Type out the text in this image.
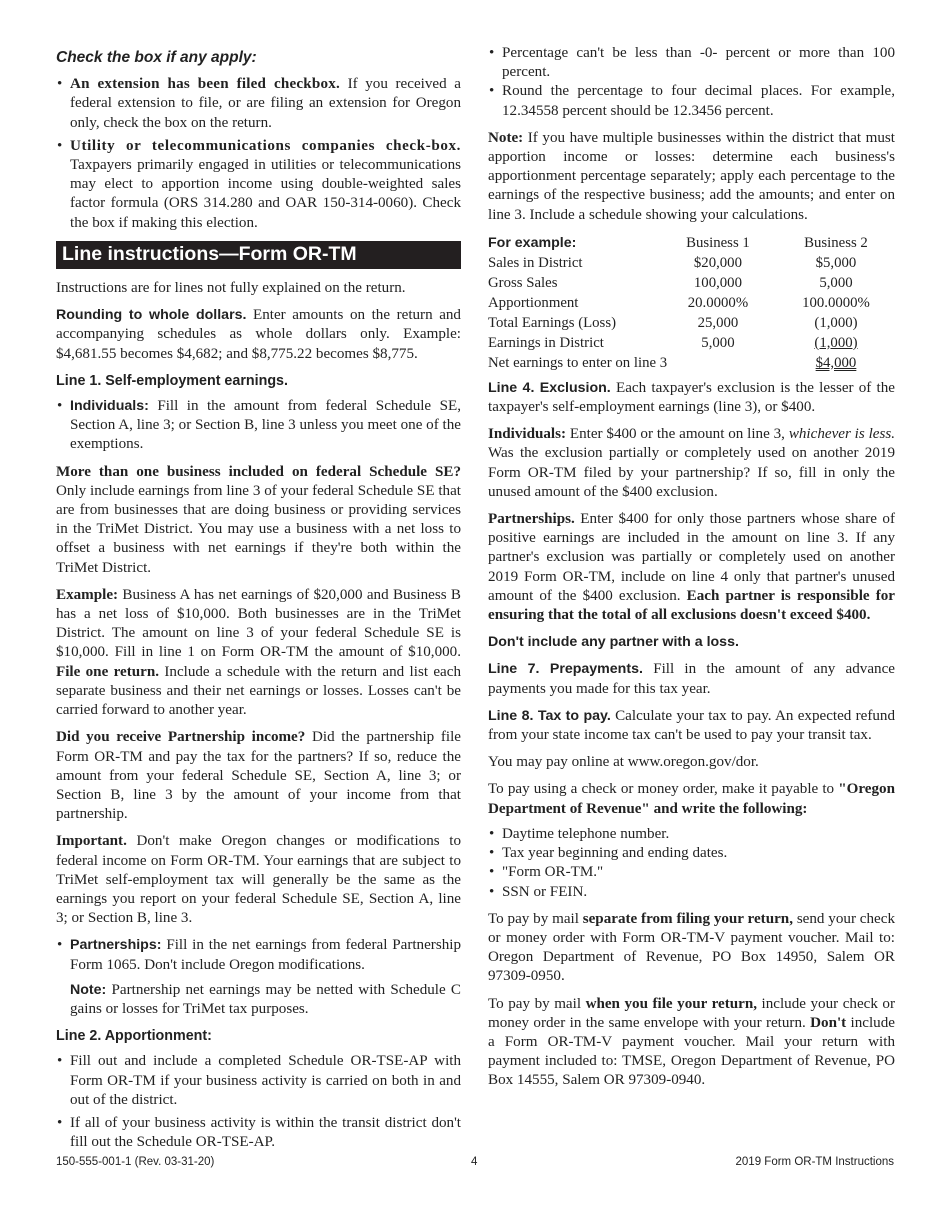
Check the box if any apply:
• An extension has been filed checkbox. If you received a federal extension to file, or are filing an extension for Oregon only, check the box on the return.
• Utility or telecommunications companies check-box. Taxpayers primarily engaged in utilities or telecommunications may elect to apportion income using double-weighted sales factor formula (ORS 314.280 and OAR 150-314-0060). Check the box if making this election.
Line instructions—Form OR-TM

Instructions are for lines not fully explained on the return.

Rounding to whole dollars. Enter amounts on the return and accompanying schedules as whole dollars only. Example: $4,681.55 becomes $4,682; and $8,775.22 becomes $8,775.

Line 1. Self-employment earnings.
• Individuals: Fill in the amount from federal Schedule SE, Section A, line 3; or Section B, line 3 unless you meet one of the exemptions.

More than one business included on federal Schedule SE? Only include earnings from line 3 of your federal Schedule SE that are from businesses that are doing business or providing services in the TriMet District. You may use a business with a net loss to offset a business with net earnings if they're both within the TriMet District.

Example: Business A has net earnings of $20,000 and Business B has a net loss of $10,000. Both businesses are in the TriMet District. The amount on line 3 of your federal Schedule SE is $10,000. Fill in line 1 on Form OR-TM the amount of $10,000. File one return. Include a schedule with the return and list each separate business and their net earnings or losses. Losses can't be carried forward to another year.

Did you receive Partnership income? Did the partnership file Form OR-TM and pay the tax for the partners? If so, reduce the amount from your federal Schedule SE, Section A, line 3; or Section B, line 3 by the amount of your income from that partnership.

Important. Don't make Oregon changes or modifications to federal income on Form OR-TM. Your earnings that are subject to TriMet self-employment tax will generally be the same as the earnings you report on your federal Schedule SE, Section A, line 3; or Section B, line 3.

• Partnerships: Fill in the net earnings from federal Partnership Form 1065. Don't include Oregon modifications.

Note: Partnership net earnings may be netted with Schedule C gains or losses for TriMet tax purposes.

Line 2. Apportionment:
• Fill out and include a completed Schedule OR-TSE-AP with Form OR-TM if your business activity is carried on both in and out of the district.
• If all of your business activity is within the transit district don't fill out the Schedule OR-TSE-AP.
• Percentage can't be less than -0- percent or more than 100 percent.
• Round the percentage to four decimal places. For example, 12.34558 percent should be 12.3456 percent.

Note: If you have multiple businesses within the district that must apportion income or losses: determine each business's apportionment percentage separately; apply each percentage to the earnings of the respective business; add the amounts; and enter on line 3. Include a schedule showing your calculations.

For example:	Business 1	Business 2
Sales in District	$20,000	$5,000
Gross Sales	100,000	5,000
Apportionment	20.0000%	100.0000%
Total Earnings (Loss)	25,000	(1,000)
Earnings in District	5,000	(1,000)
Net earnings to enter on line 3		$4,000

Line 4. Exclusion. Each taxpayer's exclusion is the lesser of the taxpayer's self-employment earnings (line 3), or $400.

Individuals: Enter $400 or the amount on line 3, whichever is less. Was the exclusion partially or completely used on another 2019 Form OR-TM filed by your partnership? If so, fill in only the unused amount of the $400 exclusion.

Partnerships. Enter $400 for only those partners whose share of positive earnings are included in the amount on line 3. If any partner's exclusion was partially or completely used on another 2019 Form OR-TM, include on line 4 only that partner's unused amount of the $400 exclusion. Each partner is responsible for ensuring that the total of all exclusions doesn't exceed $400.

Don't include any partner with a loss.

Line 7. Prepayments. Fill in the amount of any advance payments you made for this tax year.

Line 8. Tax to pay. Calculate your tax to pay. An expected refund from your state income tax can't be used to pay your transit tax.

You may pay online at www.oregon.gov/dor.

To pay using a check or money order, make it payable to "Oregon Department of Revenue" and write the following:

• Daytime telephone number.
• Tax year beginning and ending dates.
• "Form OR-TM."
• SSN or FEIN.

To pay by mail separate from filing your return, send your check or money order with Form OR-TM-V payment voucher. Mail to: Oregon Department of Revenue, PO Box 14950, Salem OR 97309-0950.

To pay by mail when you file your return, include your check or money order in the same envelope with your return. Don't include a Form OR-TM-V payment voucher. Mail your return with payment included to: TMSE, Oregon Department of Revenue, PO Box 14555, Salem OR 97309-0940.

150-555-001-1 (Rev. 03-31-20)	4	2019 Form OR-TM Instructions
